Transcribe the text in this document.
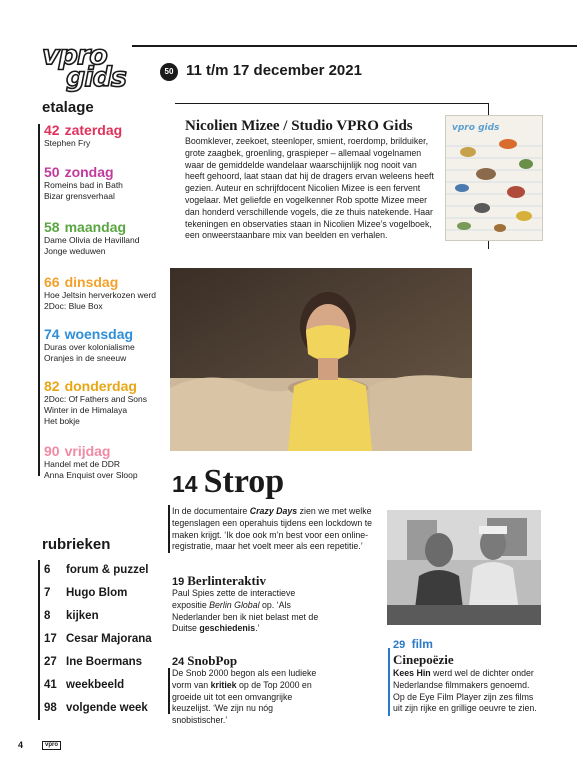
vpro
gids	50 11 t/m 17 december 2021
etalage
42 zaterdag
Stephen Fry
50 zondag
Romeins bad in Bath
Bizar grensverhaal
58 maandag
Dame Olivia de Havilland
Jonge weduwen
66 dinsdag
Hoe Jeltsin herverkozen werd
2Doc: Blue Box
74 woensdag
Duras over kolonialisme
Oranjes in de sneeuw
82 donderdag
2Doc: Of Fathers and Sons
Winter in de Himalaya
Het bokje
90 vrijdag
Handel met de DDR
Anna Enquist over Sloop
rubrieken
6 forum & puzzel
7 Hugo Blom
8 kijken
17 Cesar Majorana
27 Ine Boermans
41 weekbeeld
98 volgende week
Nicolien Mizee / Studio VPRO Gids
Boomklever, zeekoet, steenloper, smient, roerdomp, brilduiker, grote zaagbek, groenling, graspieper – allemaal vogelnamen waar de gemiddelde wandelaar waarschijnlijk nog nooit van heeft gehoord, laat staan dat hij de dragers ervan weleens heeft gezien. Auteur en schrijfdocent Nicolien Mizee is een fervent vogelaar. Met geliefde en vogelkenner Rob spotte Mizee meer dan honderd verschillende vogels, die ze thuis natekende. Haar tekeningen en observaties staan in Nicolien Mizee’s vogelboek, een onweerstaanbare mix van beelden en verhalen.
vpro gids
14 Strop
In de documentaire Crazy Days zien we met welke tegenslagen een operahuis tijdens een lockdown te maken krijgt. ‘Ik doe ook m’n best voor een online-registratie, maar het voelt meer als een repetitie.’
19 Berlinteraktiv
Paul Spies zette de interactieve expositie Berlin Global op. ‘Als Nederlander ben ik niet belast met de Duitse geschiedenis.’
24 SnobPop
De Snob 2000 begon als een ludieke vorm van kritiek op de Top 2000 en groeide uit tot een omvangrijke keuzelijst. ‘We zijn nu nóg snobistischer.’
29 film
Cinepoëzie
Kees Hin werd wel de dichter onder Nederlandse filmmakers genoemd. Op de Eye Film Player zijn zes films uit zijn rijke en grillige oeuvre te zien.
4	vpro
